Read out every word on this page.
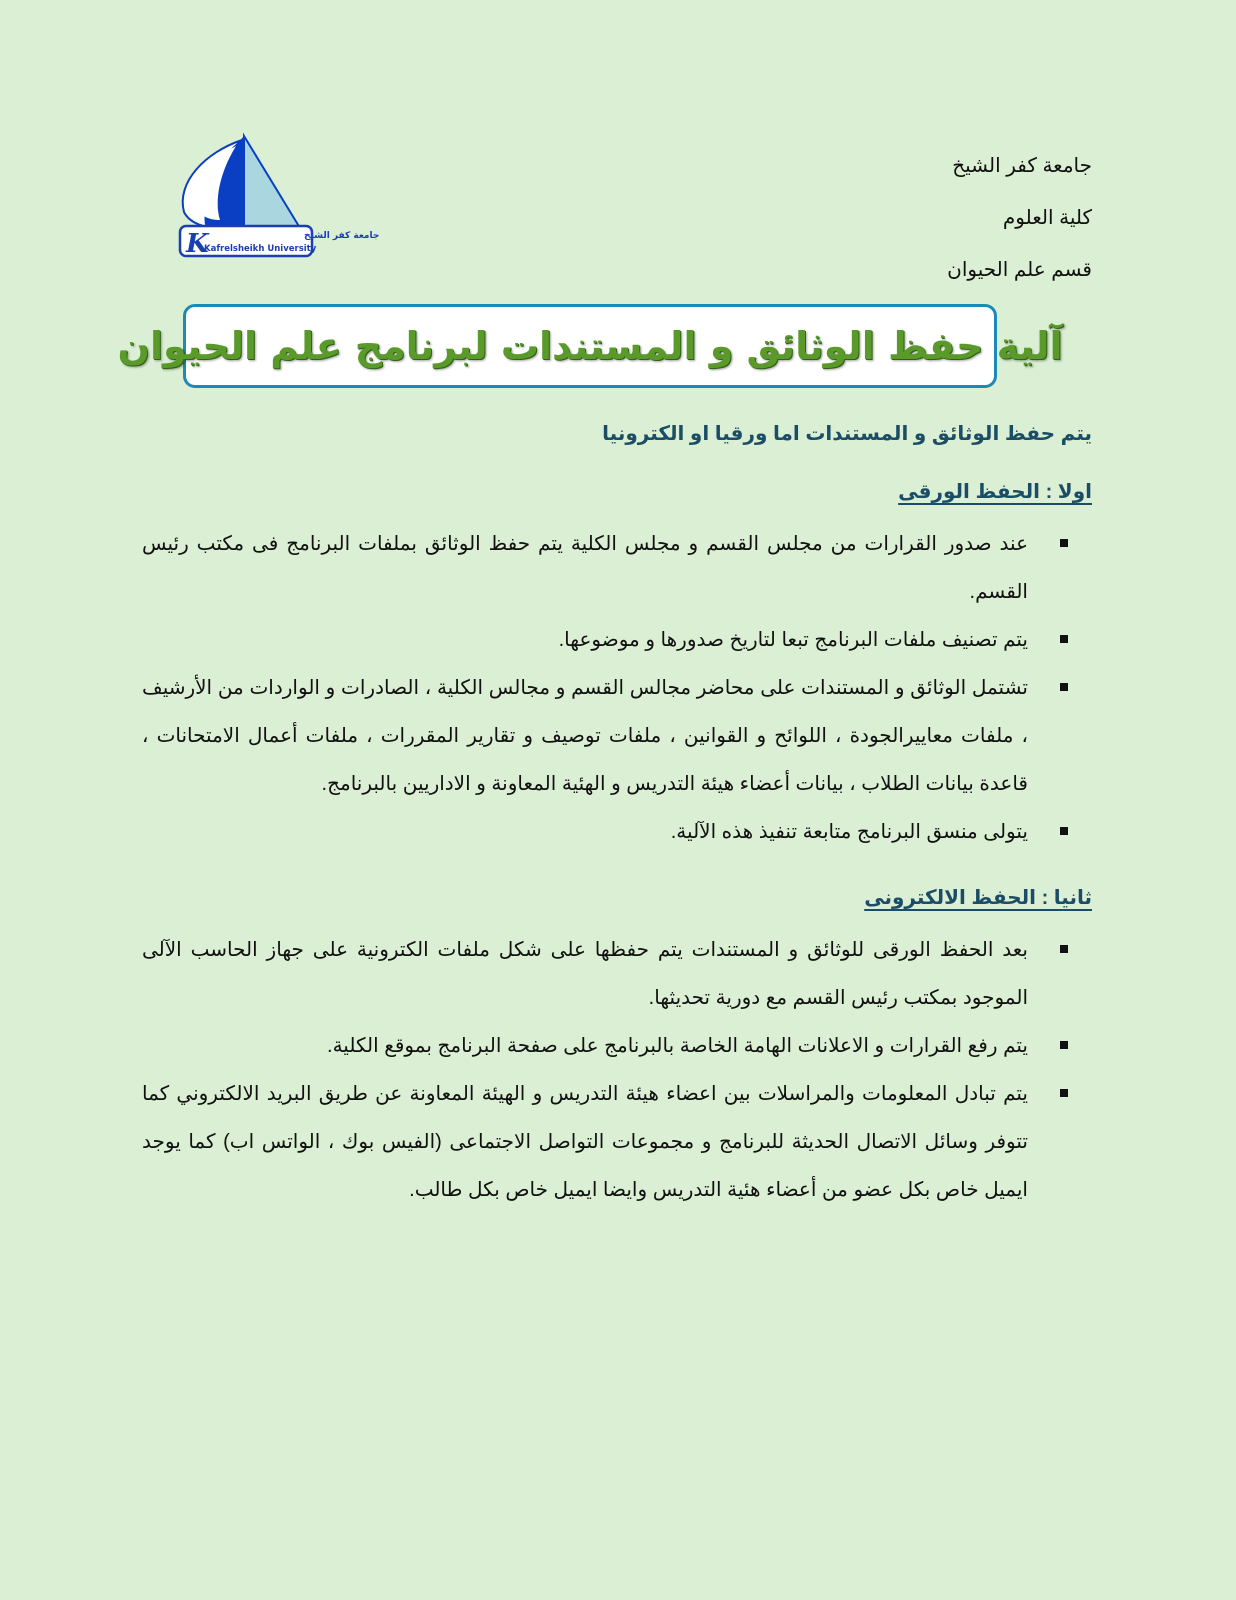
K	جامعة كفر الشيخ
Kafrelsheikh University
جامعة كفر الشيخ
كلية العلوم
قسم علم الحيوان
آلية حفظ الوثائق و المستندات لبرنامج علم الحيوان

يتم حفظ الوثائق و المستندات اما ورقيا او الكترونيا

اولا : الحفظ الورقى
عند صدور القرارات من مجلس القسم و مجلس الكلية يتم حفظ الوثائق بملفات البرنامج فى مكتب رئيس القسم.
يتم تصنيف ملفات البرنامج تبعا لتاريخ صدورها و موضوعها.
تشتمل الوثائق و المستندات على محاضر مجالس القسم و مجالس الكلية ، الصادرات و الواردات من الأرشيف ، ملفات معاييرالجودة ، اللوائح و القوانين ، ملفات توصيف و تقارير المقررات ، ملفات أعمال الامتحانات ، قاعدة بيانات الطلاب ، بيانات أعضاء هيئة التدريس و الهئية المعاونة و الاداريين بالبرنامج.
يتولى منسق البرنامج متابعة تنفيذ هذه الآلية.
ثانيا : الحفظ الالكترونى
بعد الحفظ الورقى للوثائق و المستندات يتم حفظها على شكل ملفات الكترونية على جهاز الحاسب الآلى الموجود بمكتب رئيس القسم مع دورية تحديثها.
يتم رفع القرارات و الاعلانات الهامة الخاصة بالبرنامج على صفحة البرنامج بموقع الكلية.
يتم تبادل المعلومات والمراسلات بين اعضاء هيئة التدريس و الهيئة المعاونة عن طريق البريد الالكتروني كما تتوفر وسائل الاتصال الحديثة للبرنامج و مجموعات التواصل الاجتماعى (الفيس بوك ، الواتس اب) كما يوجد ايميل خاص بكل عضو من أعضاء هئية التدريس وايضا ايميل خاص بكل طالب.
